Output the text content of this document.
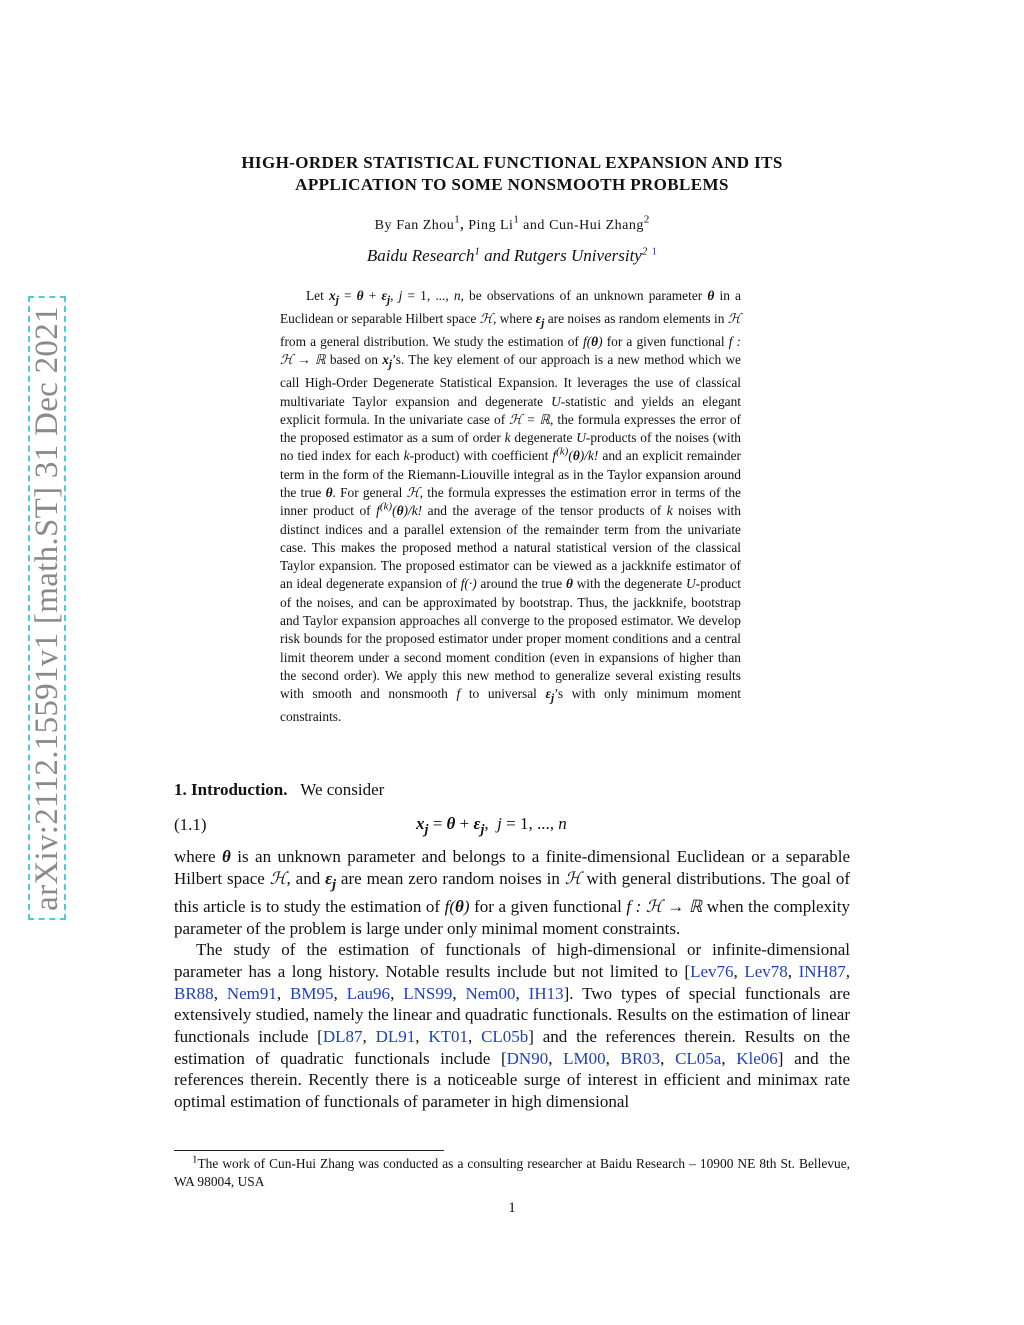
arXiv:2112.15591v1 [math.ST] 31 Dec 2021
HIGH-ORDER STATISTICAL FUNCTIONAL EXPANSION AND ITS
APPLICATION TO SOME NONSMOOTH PROBLEMS
By Fan Zhou$^1$, Ping Li$^1$ and Cun-Hui Zhang$^2$
Baidu Research$^1$ and Rutgers University$^2$ $^1$

Let $x_j = \theta + \varepsilon_j$, j = 1, ..., n, be observations of an unknown parameter θ in a Euclidean or separable Hilbert space ℋ, where $\varepsilon_j$ are noises as random elements in ℋ from a general distribution. We study the estimation of f(θ) for a given functional f : ℋ → ℝ based on $x_j’s$. The key element of our approach is a new method which we call High-Order Degenerate Statistical Expansion. It leverages the use of classical multivariate Taylor expansion and degenerate U-statistic and yields an elegant explicit formula. In the univariate case of ℋ = ℝ, the formula expresses the error of the proposed estimator as a sum of order k degenerate U-products of the noises (with no tied index for each k-product) with coefficient $f^{(k)}(\theta)/k$! and an explicit remainder term in the form of the Riemann-Liouville integral as in the Taylor expansion around the true θ. For general ℋ, the formula expresses the estimation error in terms of the inner product of $f^{(k)}(\theta)/k$! and the average of the tensor products of k noises with distinct indices and a parallel extension of the remainder term from the univariate case. This makes the proposed method a natural statistical version of the classical Taylor expansion. The proposed estimator can be viewed as a jackknife estimator of an ideal degenerate expansion of f(·) around the true θ with the degenerate U-product of the noises, and can be approximated by bootstrap. Thus, the jackknife, bootstrap and Taylor expansion approaches all converge to the proposed estimator. We develop risk bounds for the proposed estimator under proper moment conditions and a central limit theorem under a second moment condition (even in expansions of higher than the second order). We apply this new method to generalize several existing results with smooth and nonsmooth f to universal $\varepsilon_j’s$ with only minimum moment constraints.

1. Introduction. We consider
(1.1)	$x_j = \theta + \varepsilon_j$,  j = 1, ..., n

where θ is an unknown parameter and belongs to a finite-dimensional Euclidean or a separable Hilbert space ℋ, and $\varepsilon_j$ are mean zero random noises in ℋ with general distributions. The goal of this article is to study the estimation of f(θ) for a given functional f : ℋ → ℝ when the complexity parameter of the problem is large under only minimal moment constraints.

The study of the estimation of functionals of high-dimensional or infinite-dimensional parameter has a long history. Notable results include but not limited to [Lev76, Lev78, INH87, BR88, Nem91, BM95, Lau96, LNS99, Nem00, IH13]. Two types of special functionals are extensively studied, namely the linear and quadratic functionals. Results on the estimation of linear functionals include [DL87, DL91, KT01, CL05b] and the references therein. Results on the estimation of quadratic functionals include [DN90, LM00, BR03, CL05a, Kle06] and the references therein. Recently there is a noticeable surge of interest in efficient and minimax rate optimal estimation of functionals of parameter in high dimensional

$^1$The work of Cun-Hui Zhang was conducted as a consulting researcher at Baidu Research – 10900 NE 8th St. Bellevue, WA 98004, USA

1
